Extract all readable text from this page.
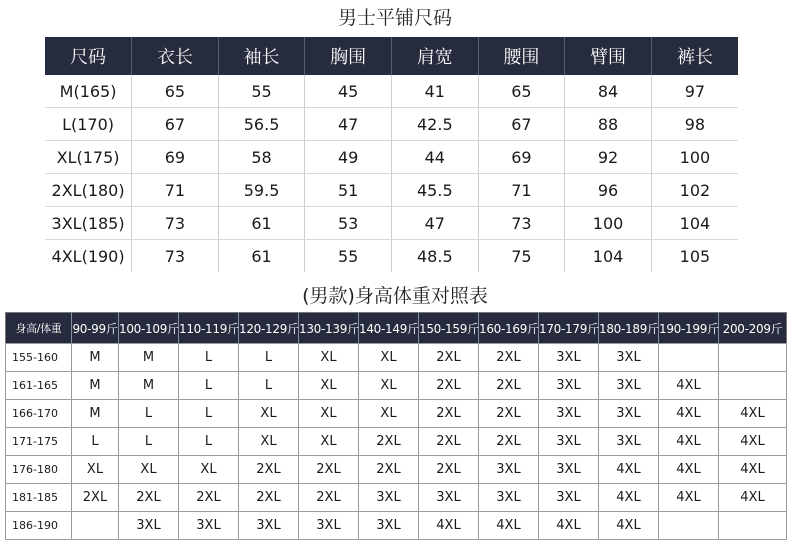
男士平铺尺码
尺码	衣长	袖长	胸围	肩宽	腰围	臂围	裤长
M(165)	65	55	45	41	65	84	97
L(170)	67	56.5	47	42.5	67	88	98
XL(175)	69	58	49	44	69	92	100
2XL(180)	71	59.5	51	45.5	71	96	102
3XL(185)	73	61	53	47	73	100	104
4XL(190)	73	61	55	48.5	75	104	105
(男款)身高体重对照表
身高/体重	90-99斤	100-109斤	110-119斤	120-129斤	130-139斤	140-149斤	150-159斤	160-169斤	170-179斤	180-189斤	190-199斤	200-209斤
155-160	M	M	L	L	XL	XL	2XL	2XL	3XL	3XL		
161-165	M	M	L	L	XL	XL	2XL	2XL	3XL	3XL	4XL	
166-170	M	L	L	XL	XL	XL	2XL	2XL	3XL	3XL	4XL	4XL
171-175	L	L	L	XL	XL	2XL	2XL	2XL	3XL	3XL	4XL	4XL
176-180	XL	XL	XL	2XL	2XL	2XL	2XL	3XL	3XL	4XL	4XL	4XL
181-185	2XL	2XL	2XL	2XL	2XL	3XL	3XL	3XL	3XL	4XL	4XL	4XL
186-190		3XL	3XL	3XL	3XL	3XL	4XL	4XL	4XL	4XL		
